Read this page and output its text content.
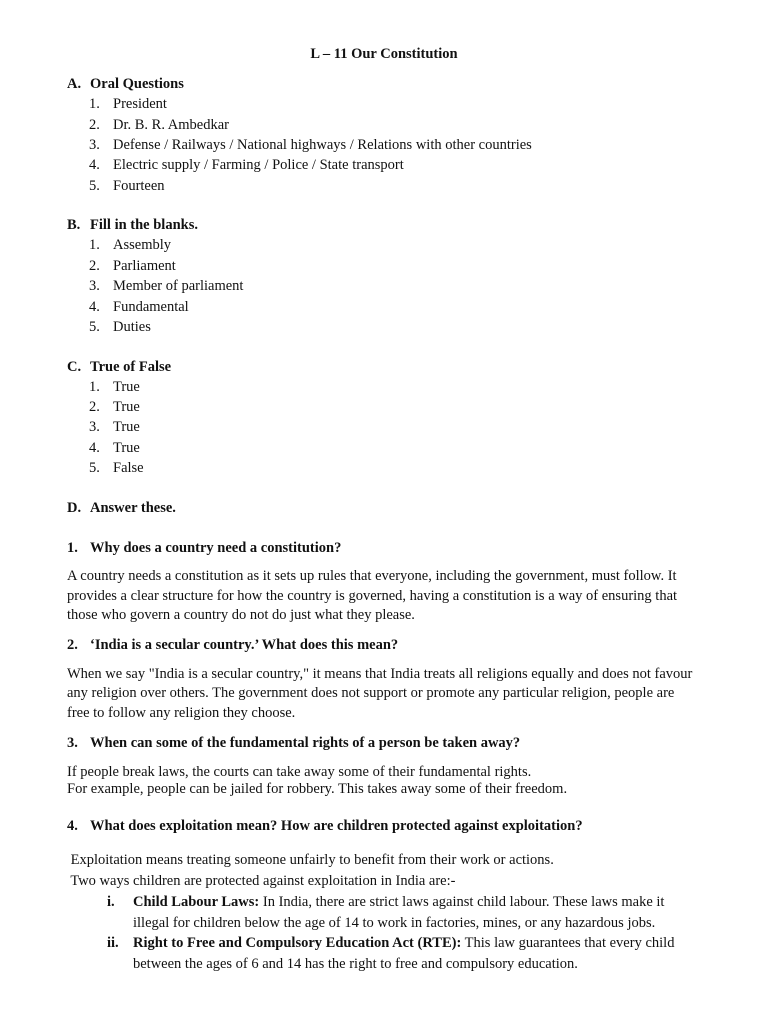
L – 11 Our Constitution
A. Oral Questions
1. President
2. Dr. B. R. Ambedkar
3. Defense / Railways / National highways / Relations with other countries
4. Electric supply / Farming / Police / State transport
5. Fourteen
B. Fill in the blanks.
1. Assembly
2. Parliament
3. Member of parliament
4. Fundamental
5. Duties
C. True of False
1. True
2. True
3. True
4. True
5. False
D. Answer these.
1. Why does a country need a constitution?
A country needs a constitution as it sets up rules that everyone, including the government, must follow. It
provides a clear structure for how the country is governed, having a constitution is a way of ensuring that
those who govern a country do not do just what they please.
2. ‘India is a secular country.’ What does this mean?
When we say "India is a secular country," it means that India treats all religions equally and does not favour
any religion over others. The government does not support or promote any particular religion, people are
free to follow any religion they choose.
3. When can some of the fundamental rights of a person be taken away?
If people break laws, the courts can take away some of their fundamental rights.
For example, people can be jailed for robbery. This takes away some of their freedom.
4. What does exploitation mean? How are children protected against exploitation?
Exploitation means treating someone unfairly to benefit from their work or actions.
Two ways children are protected against exploitation in India are:-
i. Child Labour Laws: In India, there are strict laws against child labour. These laws make it
illegal for children below the age of 14 to work in factories, mines, or any hazardous jobs.
ii. Right to Free and Compulsory Education Act (RTE): This law guarantees that every child
between the ages of 6 and 14 has the right to free and compulsory education.
